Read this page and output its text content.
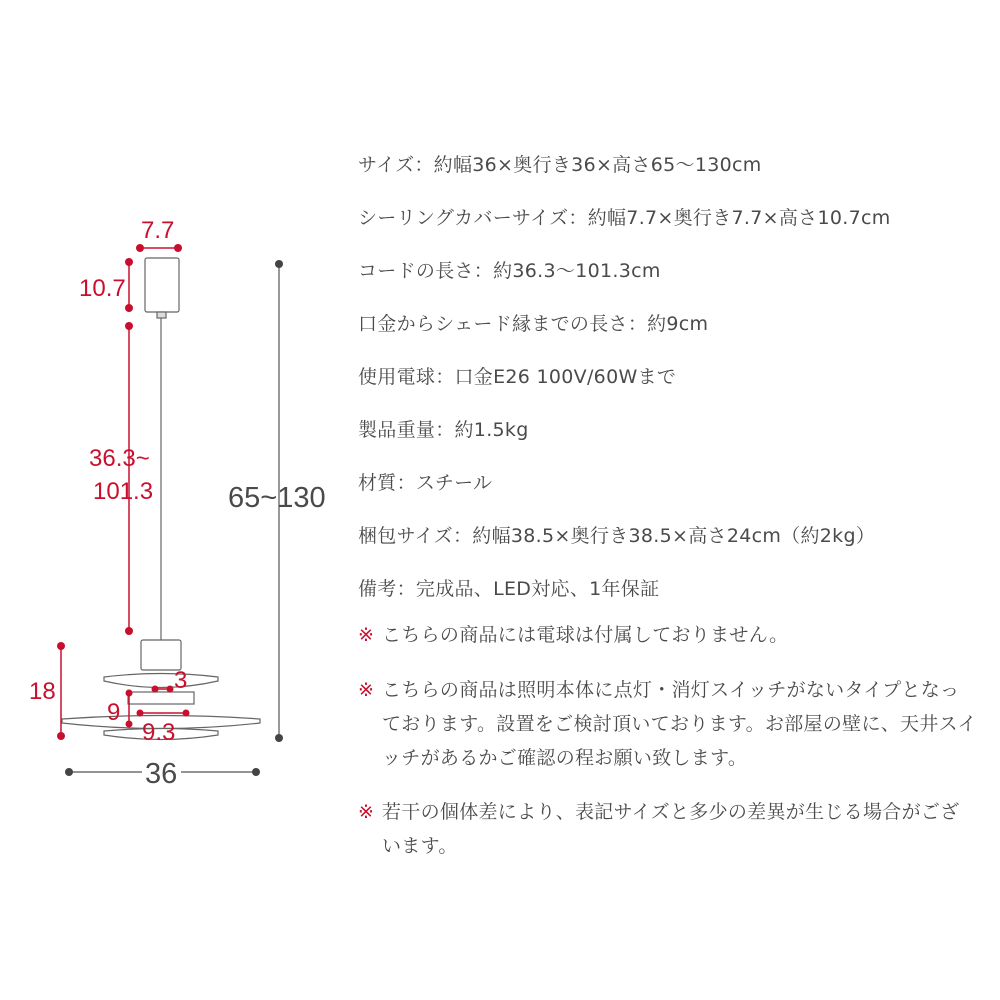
7.7
10.7
36.3~
101.3	65~130
18	3
9
9.3
36
サイズ：約幅36×奥行き36×高さ65〜130cm
シーリングカバーサイズ：約幅7.7×奥行き7.7×高さ10.7cm
コードの長さ：約36.3〜101.3cm
口金からシェード縁までの長さ：約9cm
使用電球：口金E26 100V/60Wまで
製品重量：約1.5kg
材質：スチール
梱包サイズ：約幅38.5×奥行き38.5×高さ24cm（約2kg）
備考：完成品、LED対応、1年保証
※ こちらの商品には電球は付属しておりません。
※ こちらの商品は照明本体に点灯・消灯スイッチがないタイプとなっております。設置をご検討頂いております。お部屋の壁に、天井スイッチがあるかご確認の程お願い致します。
※ 若干の個体差により、表記サイズと多少の差異が生じる場合がございます。
